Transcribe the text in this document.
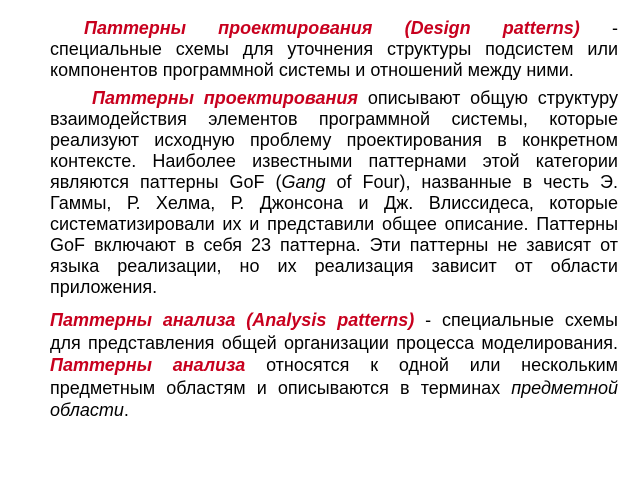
Паттерны проектирования (Design patterns) - специальные схемы для уточнения структуры подсистем или компонентов программной системы и отношений между ними.

Паттерны проектирования описывают общую структуру взаимодействия элементов программной системы, которые реализуют исходную проблему проектирования в конкретном контексте. Наиболее известными паттернами этой категории являются паттерны GoF (Gang of Four), названные в честь Э. Гаммы, Р. Хелма, Р. Джонсона и Дж. Влиссидеса, которые систематизировали их и представили общее описание. Паттерны GoF включают в себя 23 паттерна. Эти паттерны не зависят от языка реализации, но их реализация зависит от области приложения.

Паттерны анализа (Analysis patterns) - специальные схемы для представления общей организации процесса моделирования. Паттерны анализа относятся к одной или нескольким предметным областям и описываются в терминах предметной области.
